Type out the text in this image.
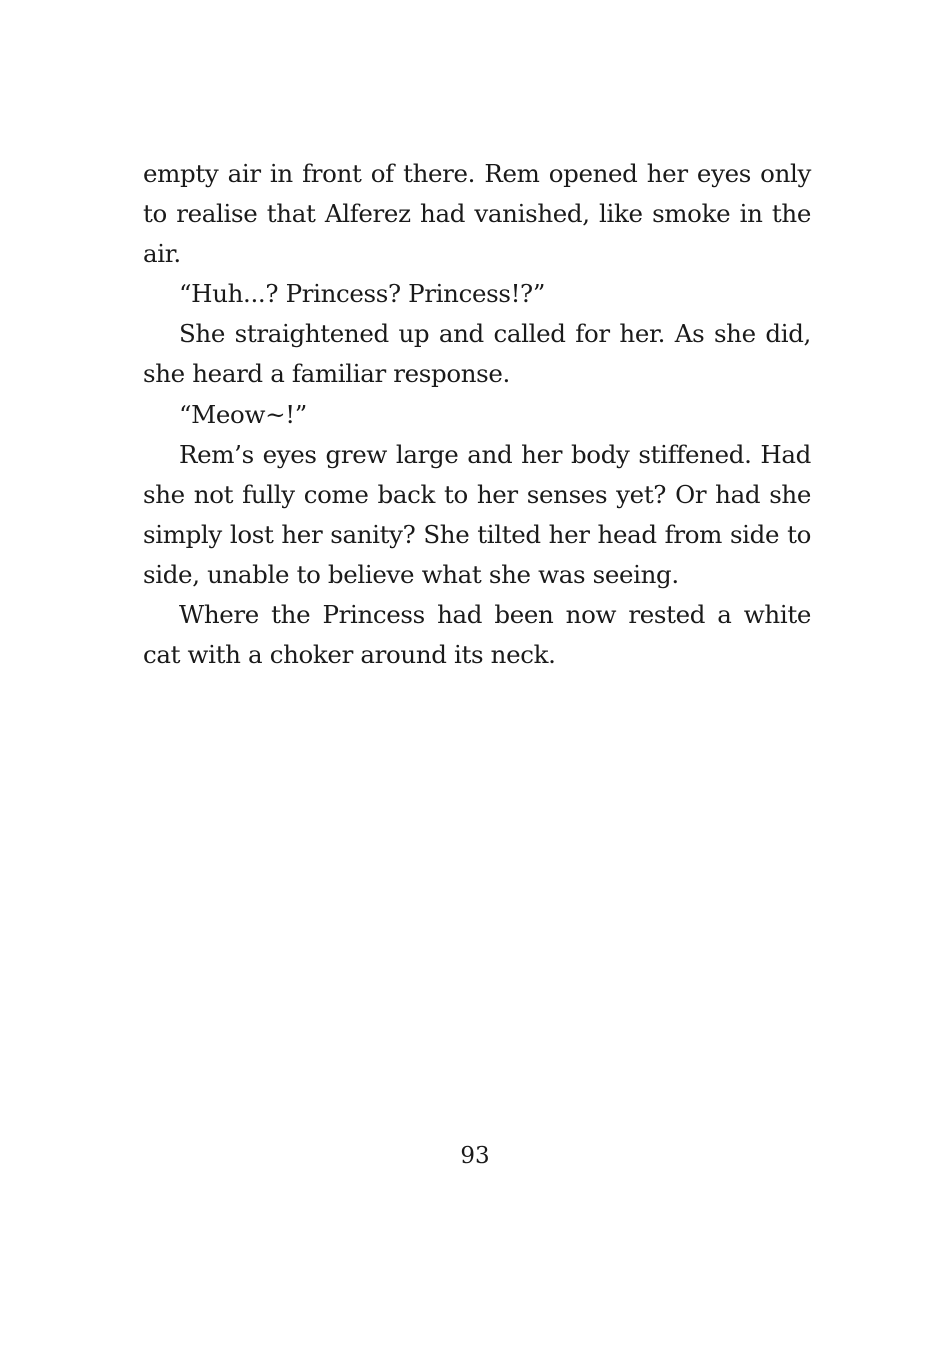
empty air in front of there. Rem opened her eyes only to realise that Alferez had vanished, like smoke in the air.

“Huh...? Princess? Princess!?”

She straightened up and called for her. As she did, she heard a familiar response.

“Meow~!”

Rem’s eyes grew large and her body stiffened. Had she not fully come back to her senses yet? Or had she simply lost her sanity? She tilted her head from side to side, unable to believe what she was seeing.

Where the Princess had been now rested a white cat with a choker around its neck.

93
